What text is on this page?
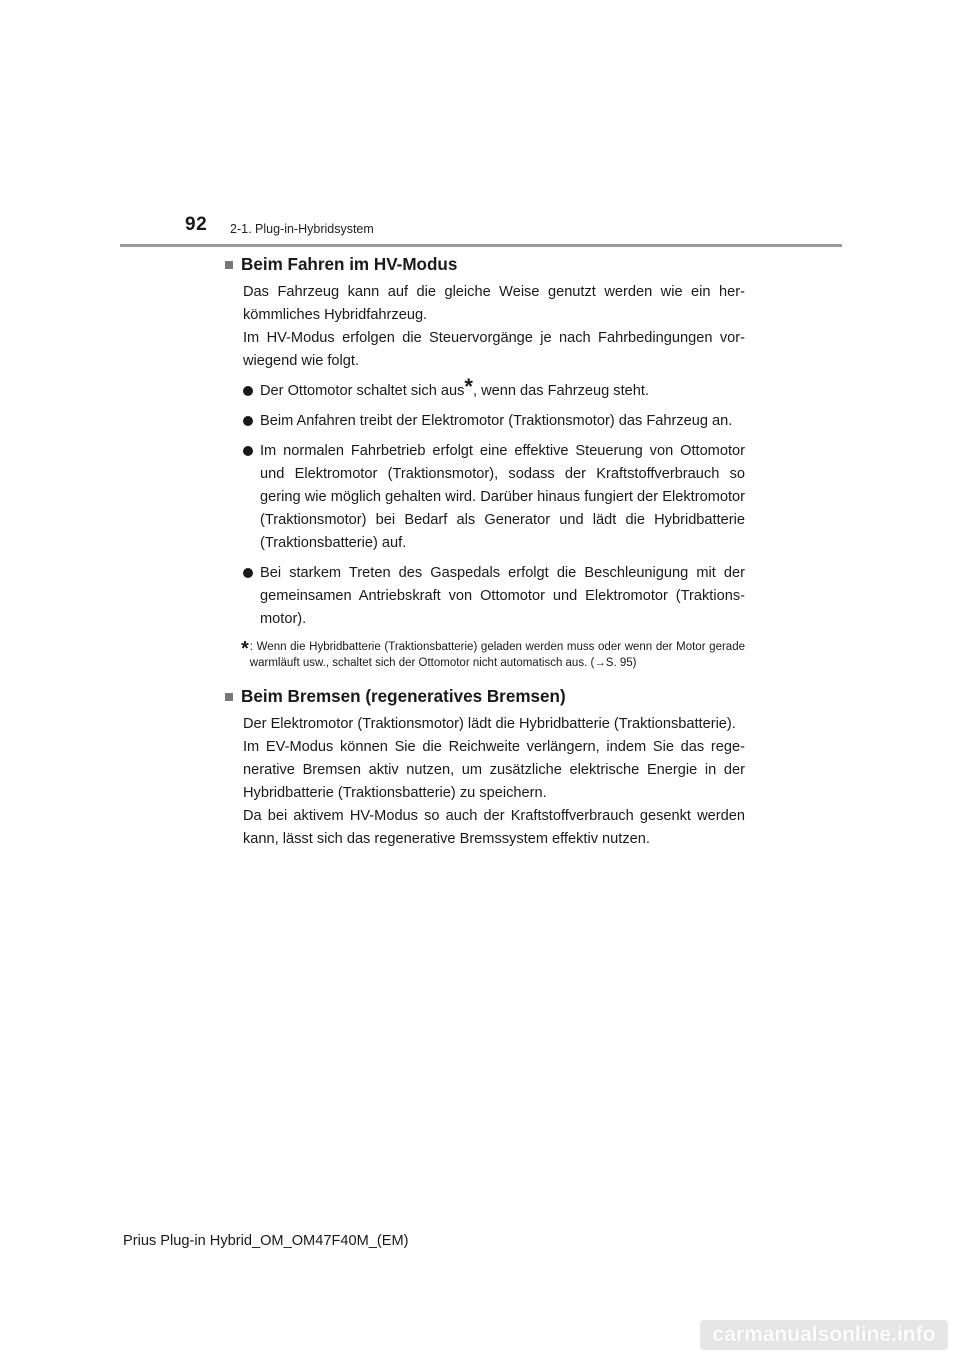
92 2-1. Plug-in-Hybridsystem
Beim Fahren im HV-Modus

Das Fahrzeug kann auf die gleiche Weise genutzt werden wie ein herkömmliches Hybridfahrzeug.

Im HV-Modus erfolgen die Steuervorgänge je nach Fahrbedingungen vorwiegend wie folgt.

Der Ottomotor schaltet sich aus*, wenn das Fahrzeug steht.
Beim Anfahren treibt der Elektromotor (Traktionsmotor) das Fahrzeug an.
Im normalen Fahrbetrieb erfolgt eine effektive Steuerung von Ottomotor und Elektromotor (Traktionsmotor), sodass der Kraftstoffverbrauch so gering wie möglich gehalten wird. Darüber hinaus fungiert der Elektromotor (Traktionsmotor) bei Bedarf als Generator und lädt die Hybridbatterie (Traktionsbatterie) auf.
Bei starkem Treten des Gaspedals erfolgt die Beschleunigung mit der gemeinsamen Antriebskraft von Ottomotor und Elektromotor (Traktionsmotor).
* : Wenn die Hybridbatterie (Traktionsbatterie) geladen werden muss oder wenn der Motor gerade warmläuft usw., schaltet sich der Ottomotor nicht automatisch aus. (→S. 95)
Beim Bremsen (regeneratives Bremsen)

Der Elektromotor (Traktionsmotor) lädt die Hybridbatterie (Traktionsbatterie).

Im EV-Modus können Sie die Reichweite verlängern, indem Sie das regenerative Bremsen aktiv nutzen, um zusätzliche elektrische Energie in der Hybridbatterie (Traktionsbatterie) zu speichern.

Da bei aktivem HV-Modus so auch der Kraftstoffverbrauch gesenkt werden kann, lässt sich das regenerative Bremssystem effektiv nutzen.

Prius Plug-in Hybrid_OM_OM47F40M_(EM)
carmanualsonline.info
